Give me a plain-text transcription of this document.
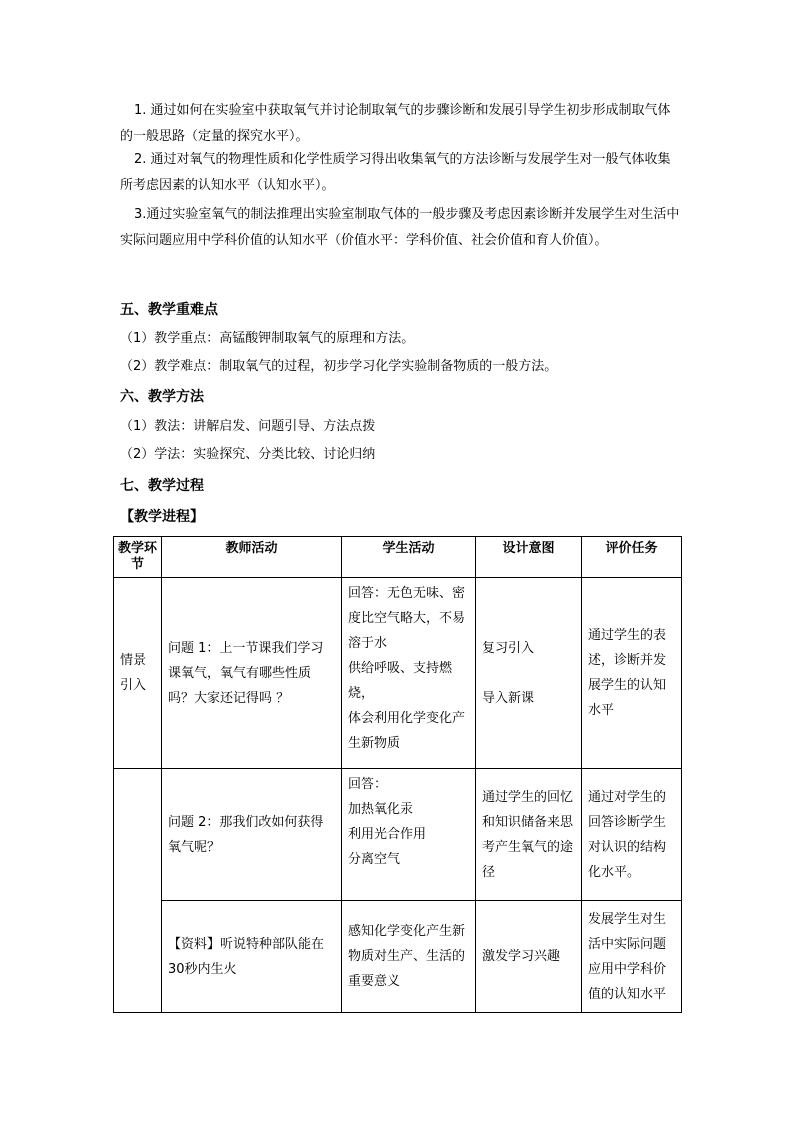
1. 通过如何在实验室中获取氧气并讨论制取氧气的步骤诊断和发展引导学生初步形成制取气体的一般思路（定量的探究水平）。

2. 通过对氧气的物理性质和化学性质学习得出收集氧气的方法诊断与发展学生对一般气体收集所考虑因素的认知水平（认知水平）。

3.通过实验室氧气的制法推理出实验室制取气体的一般步骤及考虑因素诊断并发展学生对生活中实际问题应用中学科价值的认知水平（价值水平：学科价值、社会价值和育人价值）。

五、教学重难点

（1）教学重点：高锰酸钾制取氧气的原理和方法。

（2）教学难点：制取氧气的过程，初步学习化学实验制备物质的一般方法。

六、教学方法

（1）教法：讲解启发、问题引导、方法点拨

（2）学法：实验探究、分类比较、讨论归纳

七、教学过程

【教学进程】

教学环节	教师活动	学生活动	设计意图	评价任务
情景引入	问题 1：上一节课我们学习课氧气，氧气有哪些性质吗？大家还记得吗 ？	回答：无色无味、密度比空气略大，不易溶于水
供给呼吸、支持燃烧，
体会利用化学变化产生新物质	复习引入

导入新课	通过学生的表述，诊断并发展学生的认知水平
	问题 2：那我们改如何获得氧气呢？	回答：
加热氧化汞
利用光合作用
分离空气	通过学生的回忆和知识储备来思考产生氧气的途径	通过对学生的回答诊断学生对认识的结构化水平。
	【资料】听说特种部队能在 30秒内生火	感知化学变化产生新物质对生产、生活的重要意义	激发学习兴趣	发展学生对生活中实际问题应用中学科价值的认知水平
